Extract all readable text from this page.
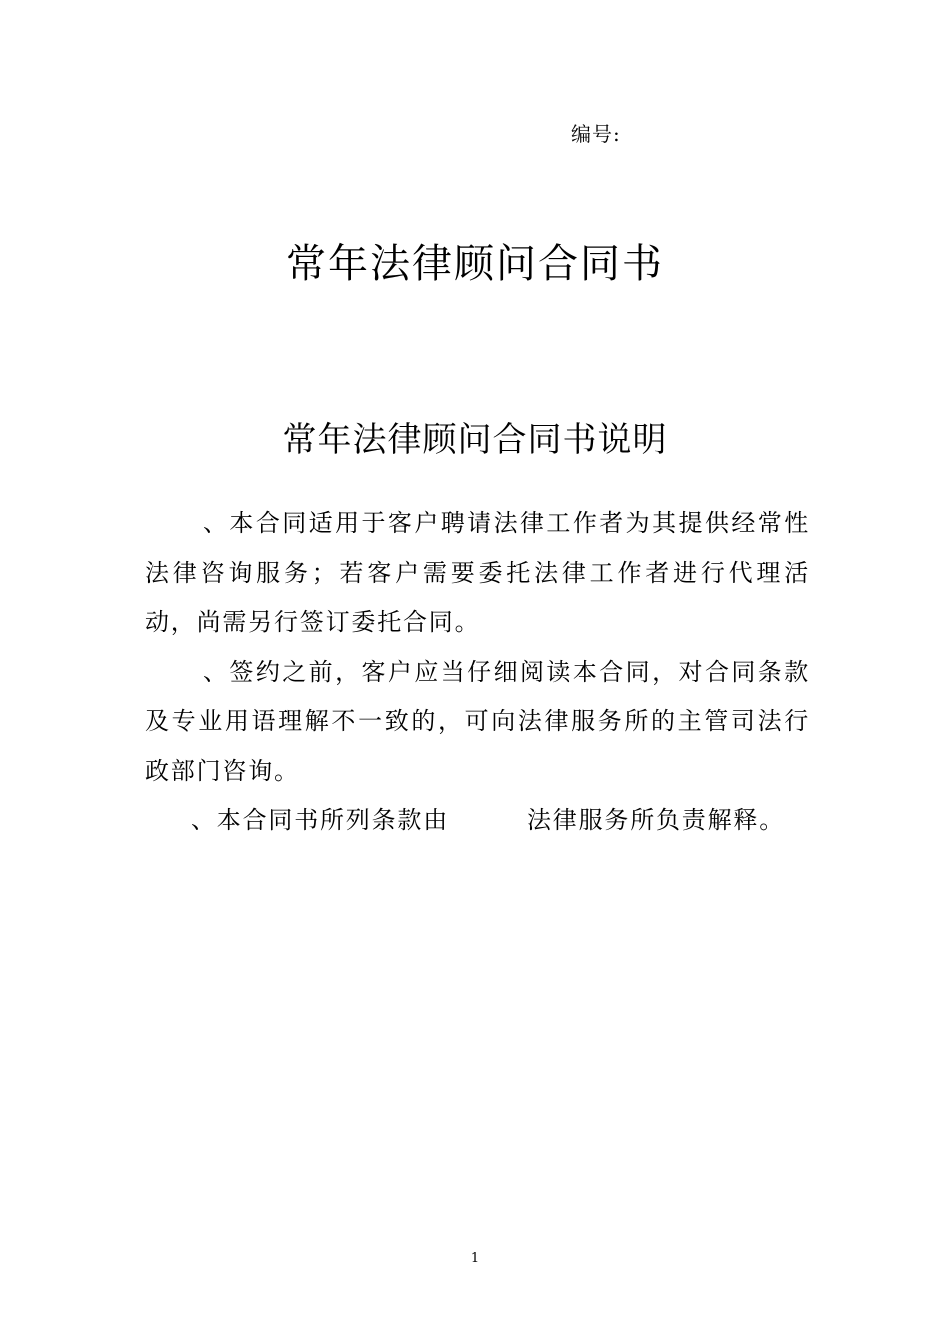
编号:
常年法律顾问合同书
常年法律顾问合同书说明

、本合同适用于客户聘请法律工作者为其提供经常性法律咨询服务；若客户需要委托法律工作者进行代理活动，尚需另行签订委托合同。

、签约之前，客户应当仔细阅读本合同，对合同条款及专业用语理解不一致的，可向法律服务所的主管司法行政部门咨询。

、本合同书所列条款由	法律服务所负责解释。

1
